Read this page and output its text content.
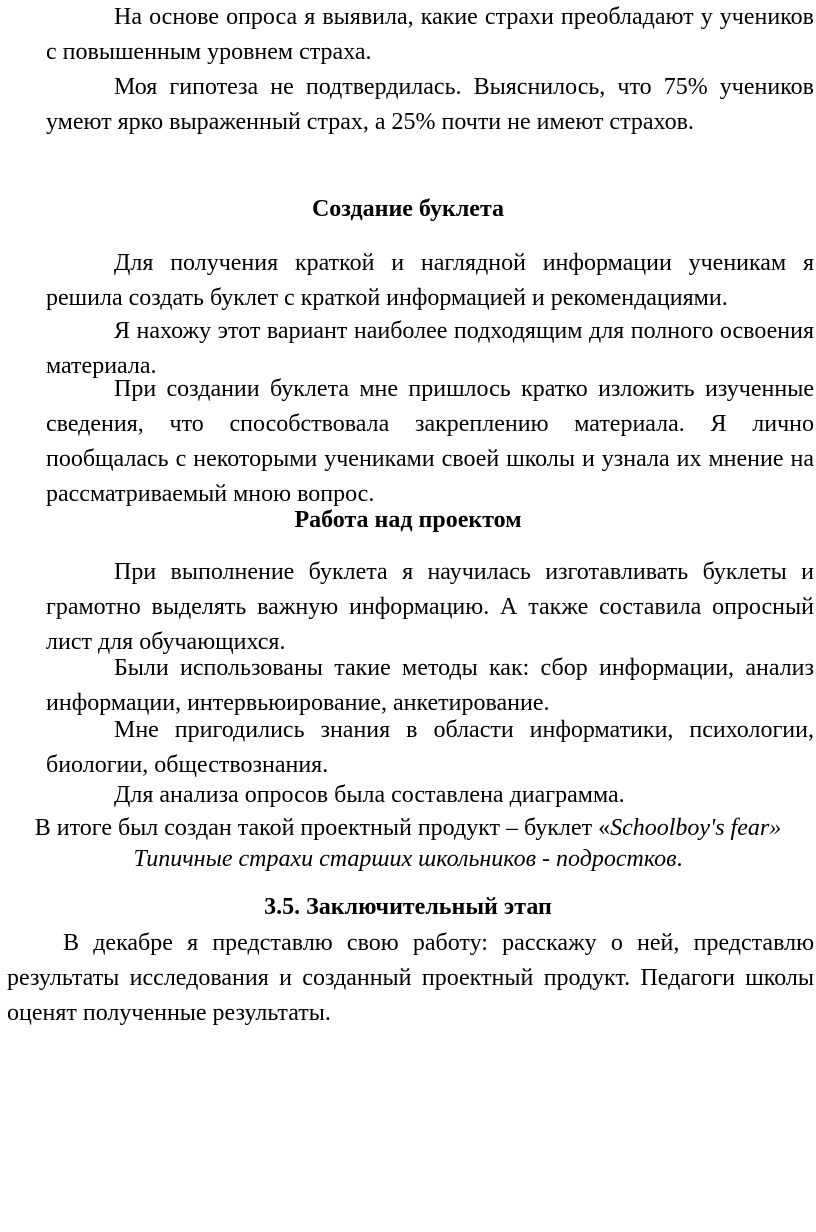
На основе опроса я выявила, какие страхи преобладают у учеников с повышенным уровнем страха.

Моя гипотеза не подтвердилась. Выяснилось, что 75% учеников умеют ярко выраженный страх, а 25% почти не имеют страхов.

Создание буклета

Для получения краткой и наглядной информации ученикам я решила создать буклет с краткой информацией и рекомендациями.

Я нахожу этот вариант наиболее подходящим для полного освоения материала.

При создании буклета мне пришлось кратко изложить изученные сведения, что способствовала закреплению материала. Я лично пообщалась с некоторыми учениками своей школы и узнала их мнение на рассматриваемый мною вопрос.

Работа над проектом

При выполнение буклета я научилась изготавливать буклеты и грамотно выделять важную информацию. А также составила опросный лист для обучающихся.

Были использованы такие методы как: сбор информации, анализ информации, интервьюирование, анкетирование.

Мне пригодились знания в области информатики, психологии, биологии, обществознания.

Для анализа опросов была составлена диаграмма.

В итоге был создан такой проектный продукт – буклет «Schoolboy's fear»

Типичные страхи старших школьников - подростков.

3.5. Заключительный этап

В декабре я представлю свою работу: расскажу о ней, представлю результаты исследования и созданный проектный продукт. Педагоги школы оценят полученные результаты.
